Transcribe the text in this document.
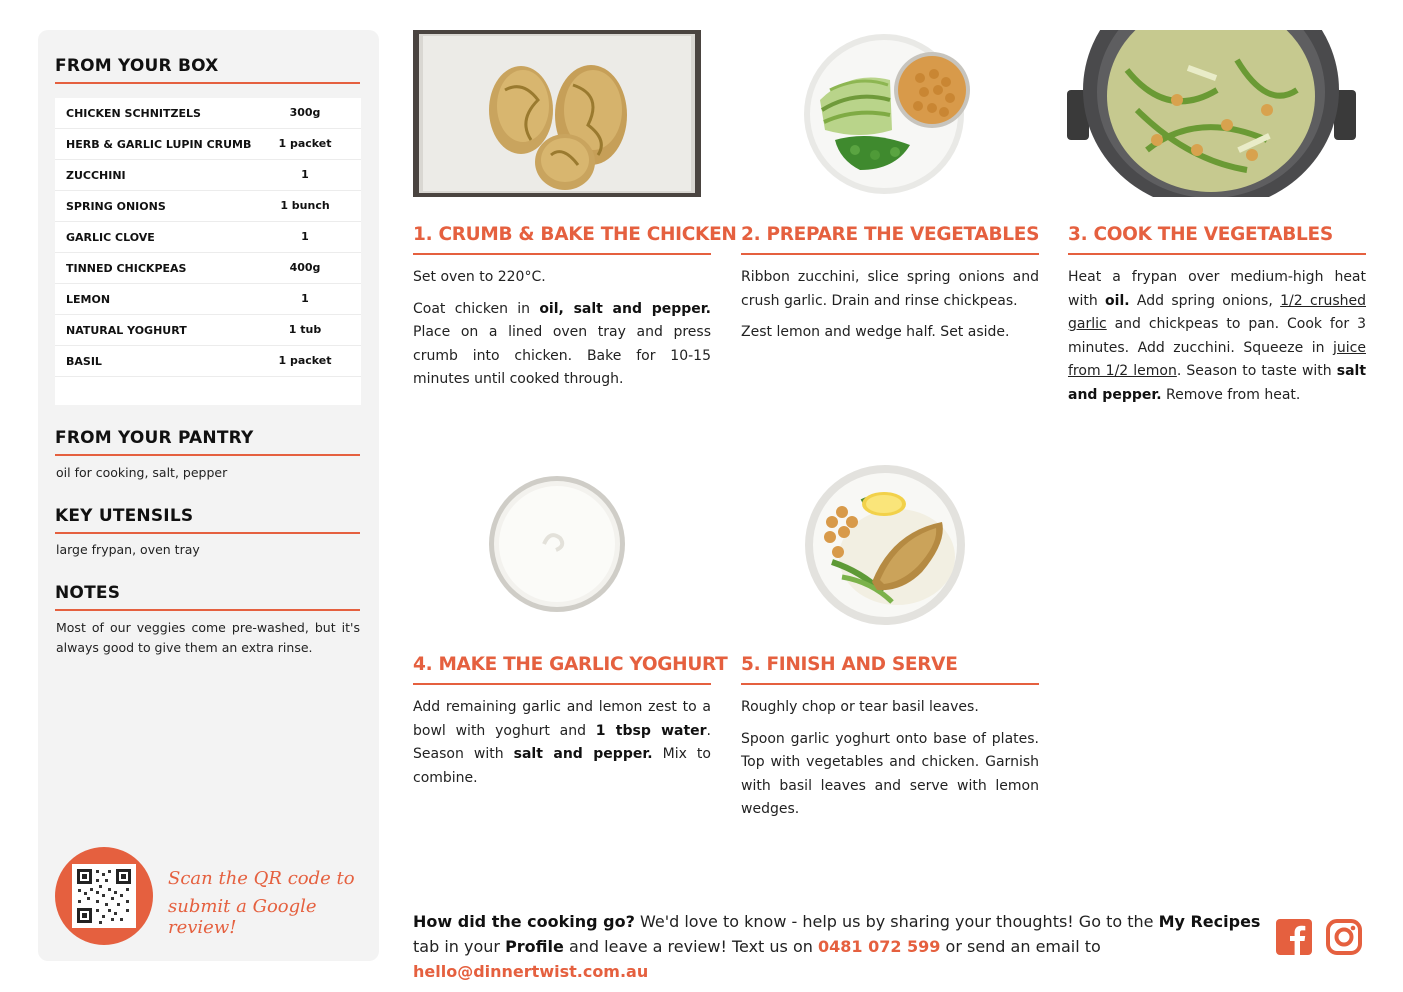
FROM YOUR BOX
CHICKEN SCHNITZELS	300g
HERB & GARLIC LUPIN CRUMB	1 packet
ZUCCHINI	1
SPRING ONIONS	1 bunch
GARLIC CLOVE	1
TINNED CHICKPEAS	400g
LEMON	1
NATURAL YOGHURT	1 tub
BASIL	1 packet
FROM YOUR PANTRY
oil for cooking, salt, pepper
KEY UTENSILS
large frypan, oven tray
NOTES
Most of our veggies come pre-washed, but it's always good to give them an extra rinse.
Scan the QR code to
submit a Google review!
1. CRUMB & BAKE THE CHICKEN

Set oven to 220°C.

Coat chicken in oil, salt and pepper. Place on a lined oven tray and press crumb into chicken. Bake for 10-15 minutes until cooked through.

2. PREPARE THE VEGETABLES

Ribbon zucchini, slice spring onions and crush garlic. Drain and rinse chickpeas.

Zest lemon and wedge half. Set aside.

3. COOK THE VEGETABLES

Heat a frypan over medium-high heat with oil. Add spring onions, 1/2 crushed garlic and chickpeas to pan. Cook for 3 minutes. Add zucchini. Squeeze in juice from 1/2 lemon. Season to taste with salt and pepper. Remove from heat.

4. MAKE THE GARLIC YOGHURT

Add remaining garlic and lemon zest to a bowl with yoghurt and 1 tbsp water. Season with salt and pepper. Mix to combine.

5. FINISH AND SERVE

Roughly chop or tear basil leaves.

Spoon garlic yoghurt onto base of plates. Top with vegetables and chicken. Garnish with basil leaves and serve with lemon wedges.

How did the cooking go? We'd love to know - help us by sharing your thoughts! Go to the My Recipes tab in your Profile and leave a review! Text us on 0481 072 599 or send an email to hello@dinnertwist.com.au
